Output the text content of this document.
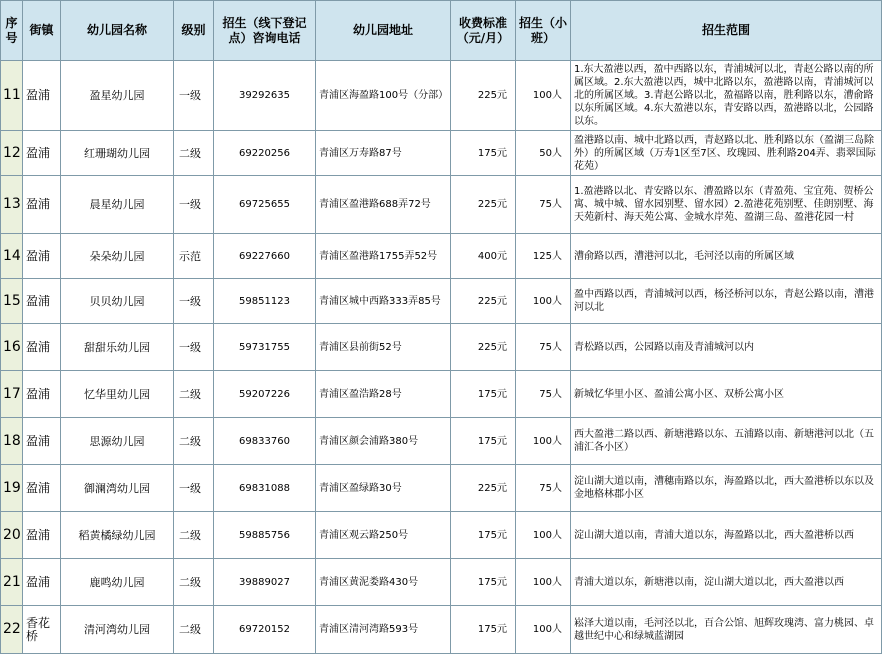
序号	街镇	幼儿园名称	级别	招生（线下登记点）咨询电话	幼儿园地址	收费标准（元/月）	招生（小班）	招生范围
11	盈浦	盈星幼儿园	一级	39292635	青浦区海盈路100号（分部）	225元	100人	1.东大盈港以西，盈中西路以东，青浦城河以北，青赵公路以南的所属区域。2.东大盈港以西，城中北路以东，盈港路以南，青浦城河以北的所属区域。3.青赵公路以北，盈福路以南，胜利路以东，漕俞路以东所属区域。4.东大盈港以东，青安路以西，盈港路以北，公园路以东。
12	盈浦	红珊瑚幼儿园	二级	69220256	青浦区万寿路87号	175元	50人	盈港路以南、城中北路以西，青赵路以北、胜利路以东（盈湖三岛除外）的所属区域（万寿1区至7区、玫瑰园、胜利路204弄、翡翠国际花苑）
13	盈浦	晨星幼儿园	一级	69725655	青浦区盈港路688弄72号	225元	75人	1.盈港路以北、青安路以东、漕盈路以东（青盈苑、宝宜苑、贺桥公寓、城中城、留水园别墅、留水园）2.盈港花苑别墅、佳朗别墅、海天苑新村、海天苑公寓、金城水岸苑、盈湖三岛、盈港花园一村
14	盈浦	朵朵幼儿园	示范	69227660	青浦区盈港路1755弄52号	400元	125人	漕俞路以西，漕港河以北，毛河泾以南的所属区域
15	盈浦	贝贝幼儿园	一级	59851123	青浦区城中西路333弄85号	225元	100人	盈中西路以西，青浦城河以西，杨泾桥河以东，青赵公路以南，漕港河以北
16	盈浦	甜甜乐幼儿园	一级	59731755	青浦区县前街52号	225元	75人	青松路以西，公园路以南及青浦城河以内
17	盈浦	忆华里幼儿园	二级	59207226	青浦区盈浩路28号	175元	75人	新城忆华里小区、盈浦公寓小区、双桥公寓小区
18	盈浦	思源幼儿园	二级	69833760	青浦区颜会浦路380号	175元	100人	西大盈港二路以西、新塘港路以东、五浦路以南、新塘港河以北（五浦汇各小区）
19	盈浦	御澜湾幼儿园	一级	69831088	青浦区盈绿路30号	225元	75人	淀山湖大道以南，漕穗南路以东，海盈路以北，西大盈港桥以东以及金地格林郡小区
20	盈浦	稻黄橘绿幼儿园	二级	59885756	青浦区观云路250号	175元	100人	淀山湖大道以南，青浦大道以东，海盈路以北，西大盈港桥以西
21	盈浦	鹿鸣幼儿园	二级	39889027	青浦区黄泥娄路430号	175元	100人	青浦大道以东，新塘港以南，淀山湖大道以北，西大盈港以西
22	香花桥	清河湾幼儿园	二级	69720152	青浦区清河湾路593号	175元	100人	崧泽大道以南，毛河泾以北，百合公馆、旭辉玫瑰湾、富力桃园、卓越世纪中心和绿城蓝湖园
